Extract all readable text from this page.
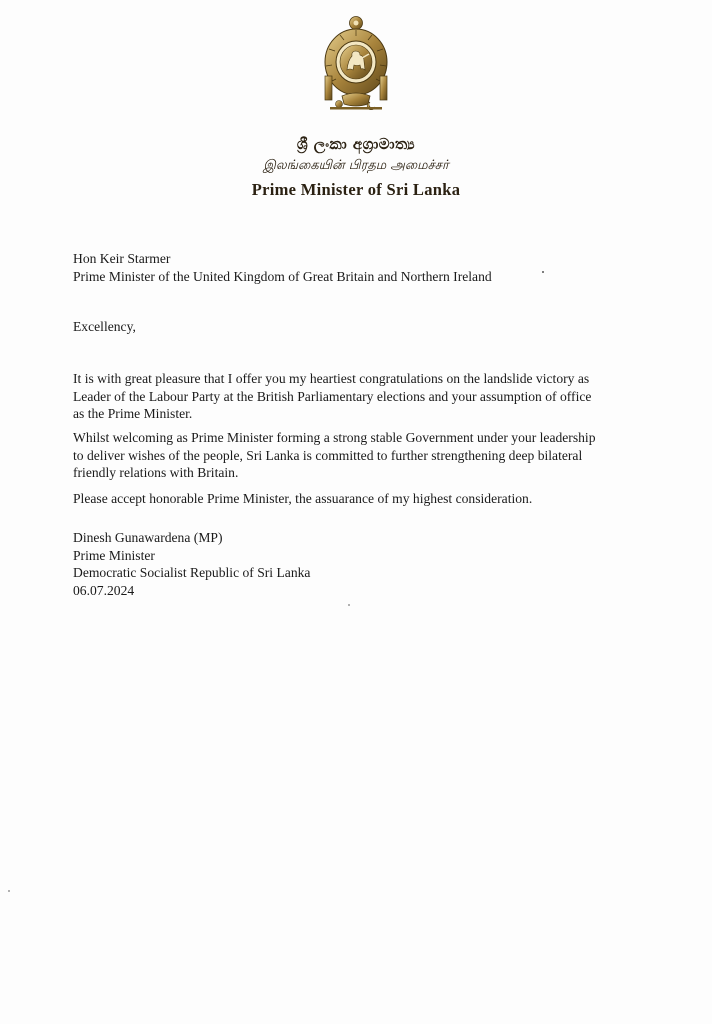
ශ්‍රී ලංකා අග්‍රාමාත්‍ය
இலங்கையின் பிரதம அமைச்சர்
Prime Minister of Sri Lanka
Hon Keir Starmer
Prime Minister of the United Kingdom of Great Britain and Northern Ireland
Excellency,
It is with great pleasure that I offer you my heartiest congratulations on the landslide victory as
Leader of the Labour Party at the British Parliamentary elections and your assumption of office
as the Prime Minister.
Whilst welcoming as Prime Minister forming a strong stable Government under your leadership
to deliver wishes of the people, Sri Lanka is committed to further strengthening deep bilateral
friendly relations with Britain.
Please accept honorable Prime Minister, the assuarance of my highest consideration.
Dinesh Gunawardena (MP)
Prime Minister
Democratic Socialist Republic of Sri Lanka
06.07.2024
